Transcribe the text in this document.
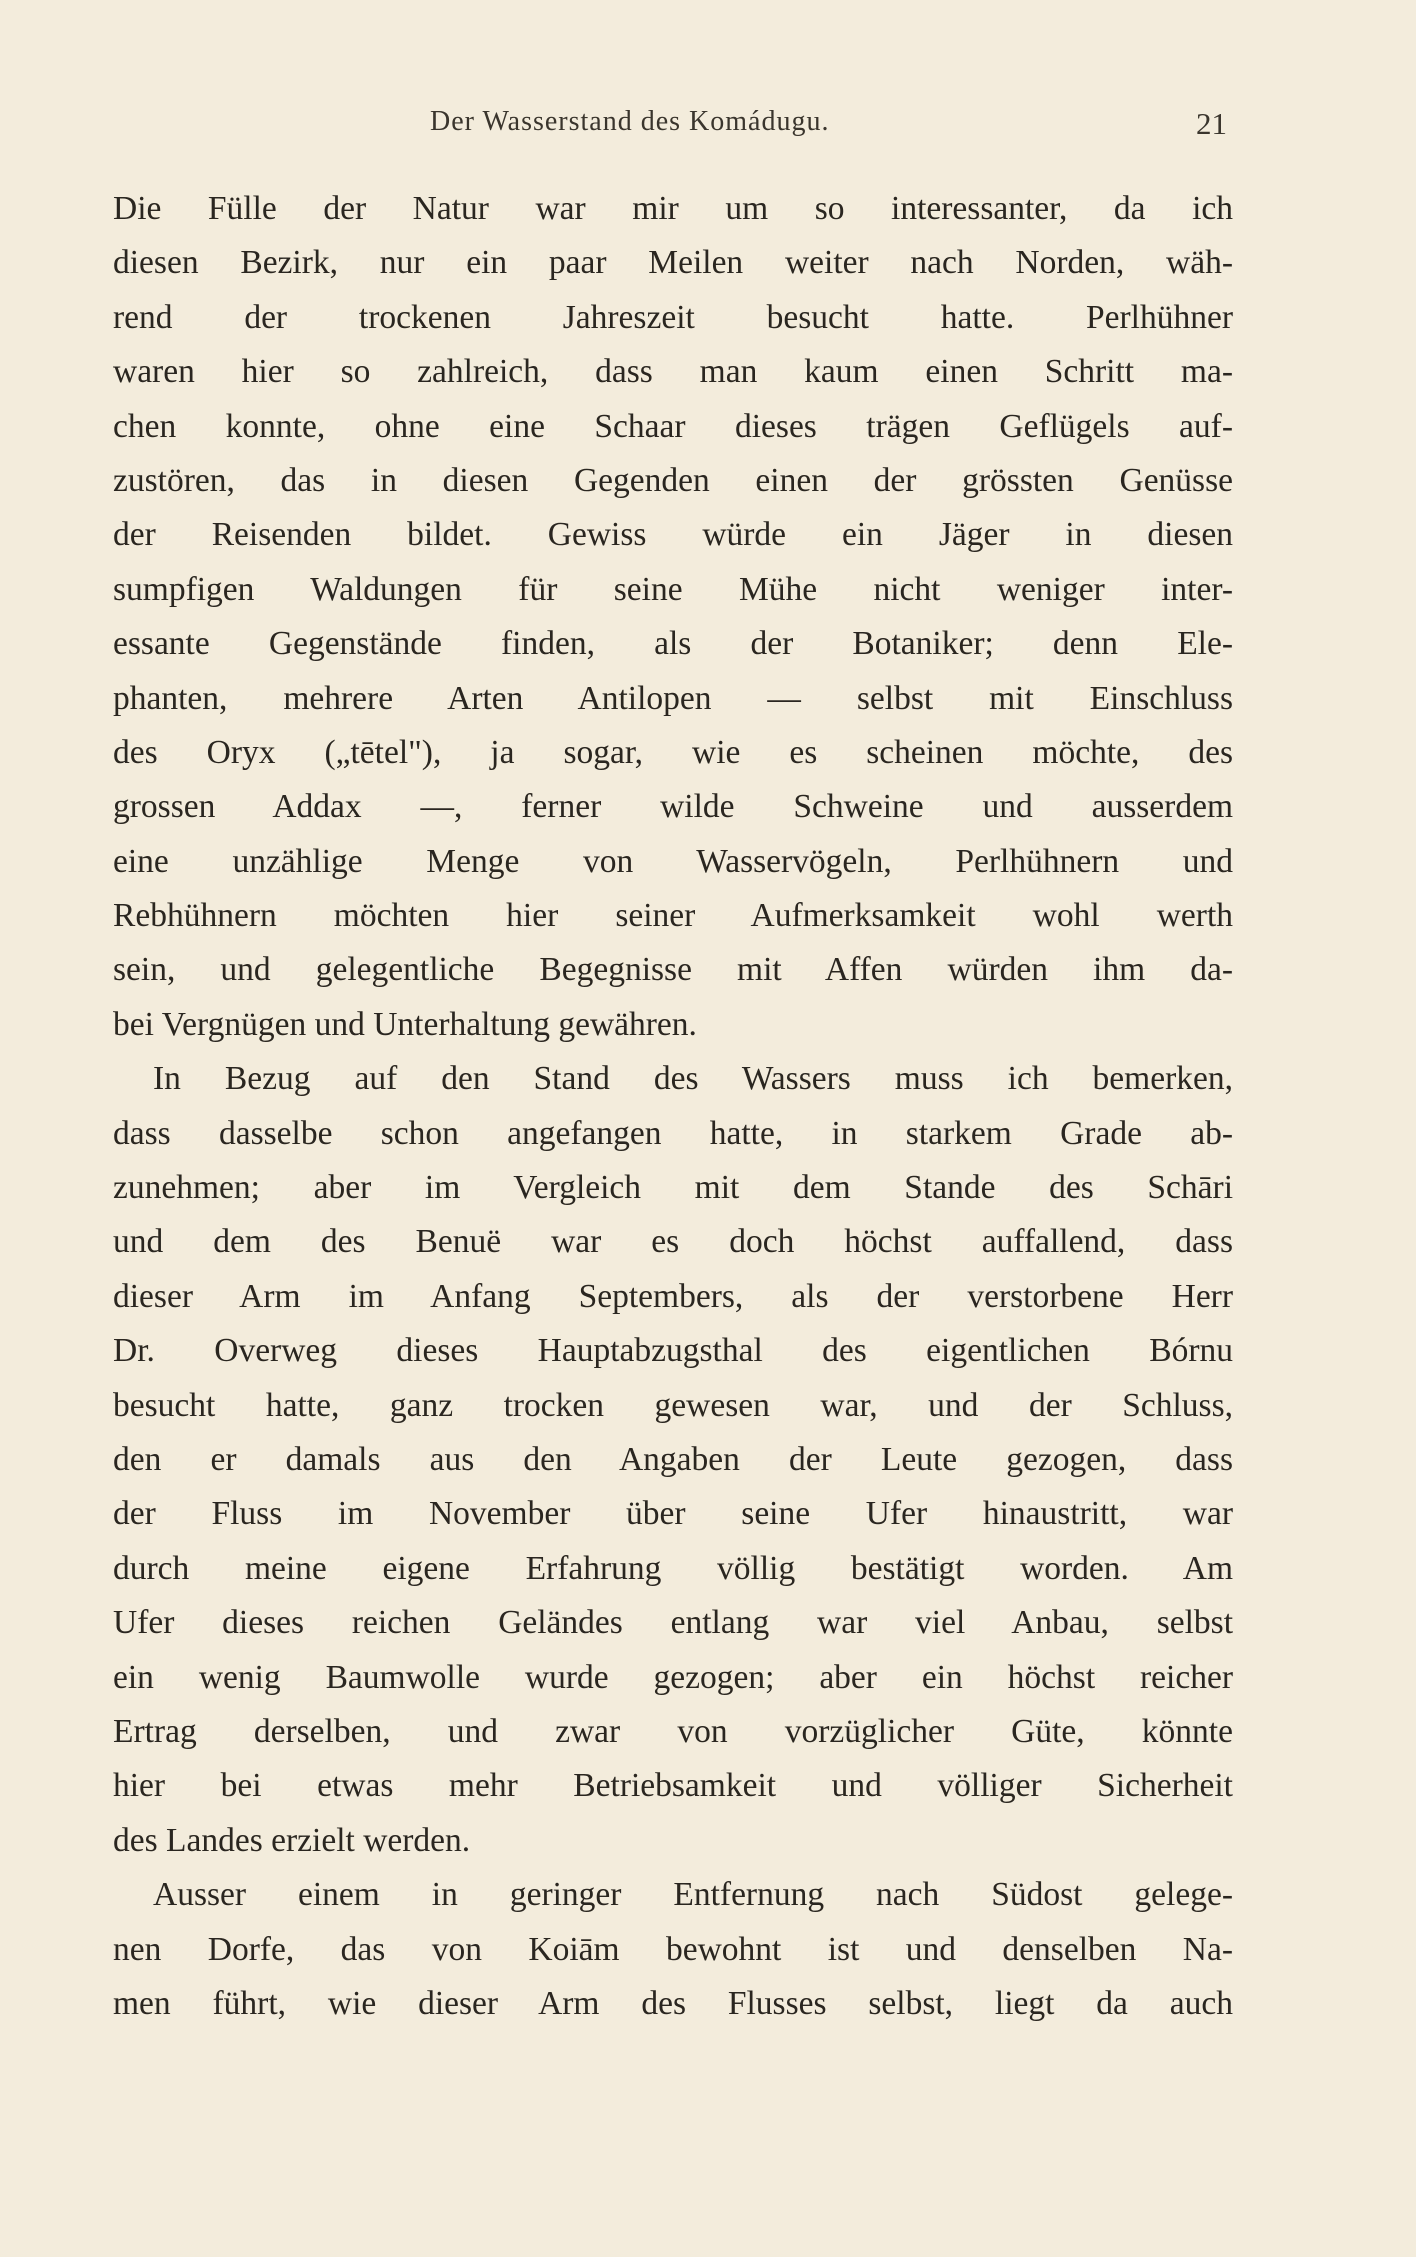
Der Wasserstand des Komádugu.	21
Die Fülle der Natur war mir um so interessanter, da ich
diesen Bezirk, nur ein paar Meilen weiter nach Norden, wäh-
rend der trockenen Jahreszeit besucht hatte. Perlhühner
waren hier so zahlreich, dass man kaum einen Schritt ma-
chen konnte, ohne eine Schaar dieses trägen Geflügels auf-
zustören, das in diesen Gegenden einen der grössten Genüsse
der Reisenden bildet. Gewiss würde ein Jäger in diesen
sumpfigen Waldungen für seine Mühe nicht weniger inter-
essante Gegenstände finden, als der Botaniker; denn Ele-
phanten, mehrere Arten Antilopen — selbst mit Einschluss
des Oryx („tētel"), ja sogar, wie es scheinen möchte, des
grossen Addax —, ferner wilde Schweine und ausserdem
eine unzählige Menge von Wasservögeln, Perlhühnern und
Rebhühnern möchten hier seiner Aufmerksamkeit wohl werth
sein, und gelegentliche Begegnisse mit Affen würden ihm da-
bei Vergnügen und Unterhaltung gewähren.
In Bezug auf den Stand des Wassers muss ich bemerken,
dass dasselbe schon angefangen hatte, in starkem Grade ab-
zunehmen; aber im Vergleich mit dem Stande des Schāri
und dem des Benuë war es doch höchst auffallend, dass
dieser Arm im Anfang Septembers, als der verstorbene Herr
Dr. Overweg dieses Hauptabzugsthal des eigentlichen Bórnu
besucht hatte, ganz trocken gewesen war, und der Schluss,
den er damals aus den Angaben der Leute gezogen, dass
der Fluss im November über seine Ufer hinaustritt, war
durch meine eigene Erfahrung völlig bestätigt worden. Am
Ufer dieses reichen Geländes entlang war viel Anbau, selbst
ein wenig Baumwolle wurde gezogen; aber ein höchst reicher
Ertrag derselben, und zwar von vorzüglicher Güte, könnte
hier bei etwas mehr Betriebsamkeit und völliger Sicherheit
des Landes erzielt werden.
Ausser einem in geringer Entfernung nach Südost gelege-
nen Dorfe, das von Koiām bewohnt ist und denselben Na-
men führt, wie dieser Arm des Flusses selbst, liegt da auch
